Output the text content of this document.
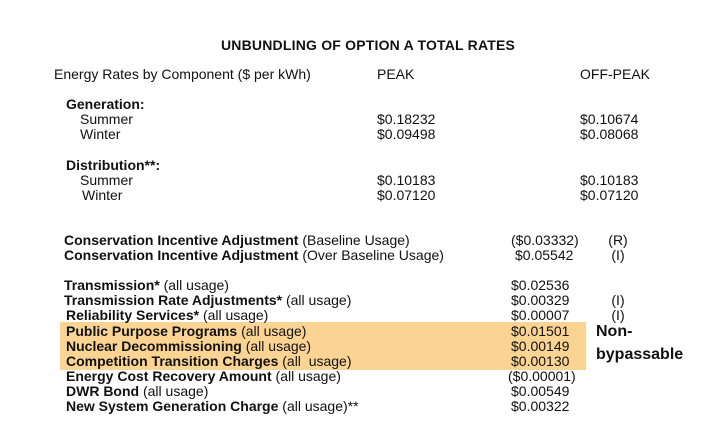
UNBUNDLING OF OPTION A TOTAL RATES
Energy Rates by Component ($ per kWh)	PEAK	OFF-PEAK
Generation:
Summer	$0.18232	$0.10674
Winter	$0.09498	$0.08068
Distribution**:
Summer	$0.10183	$0.10183
Winter	$0.07120	$0.07120
Conservation Incentive Adjustment (Baseline Usage)	($0.03332)	(R)
Conservation Incentive Adjustment (Over Baseline Usage)	$0.05542	(I)
Transmission* (all usage)	$0.02536
Transmission Rate Adjustments* (all usage)	$0.00329	(I)
Reliability Services* (all usage)	$0.00007	(I)
Public Purpose Programs (all usage)	$0.01501
Nuclear Decommissioning (all usage)	$0.00149
Competition Transition Charges (all  usage)	$0.00130
Energy Cost Recovery Amount (all usage)	($0.00001)
DWR Bond (all usage)	$0.00549
New System Generation Charge (all usage)**	$0.00322
Non-
bypassable
